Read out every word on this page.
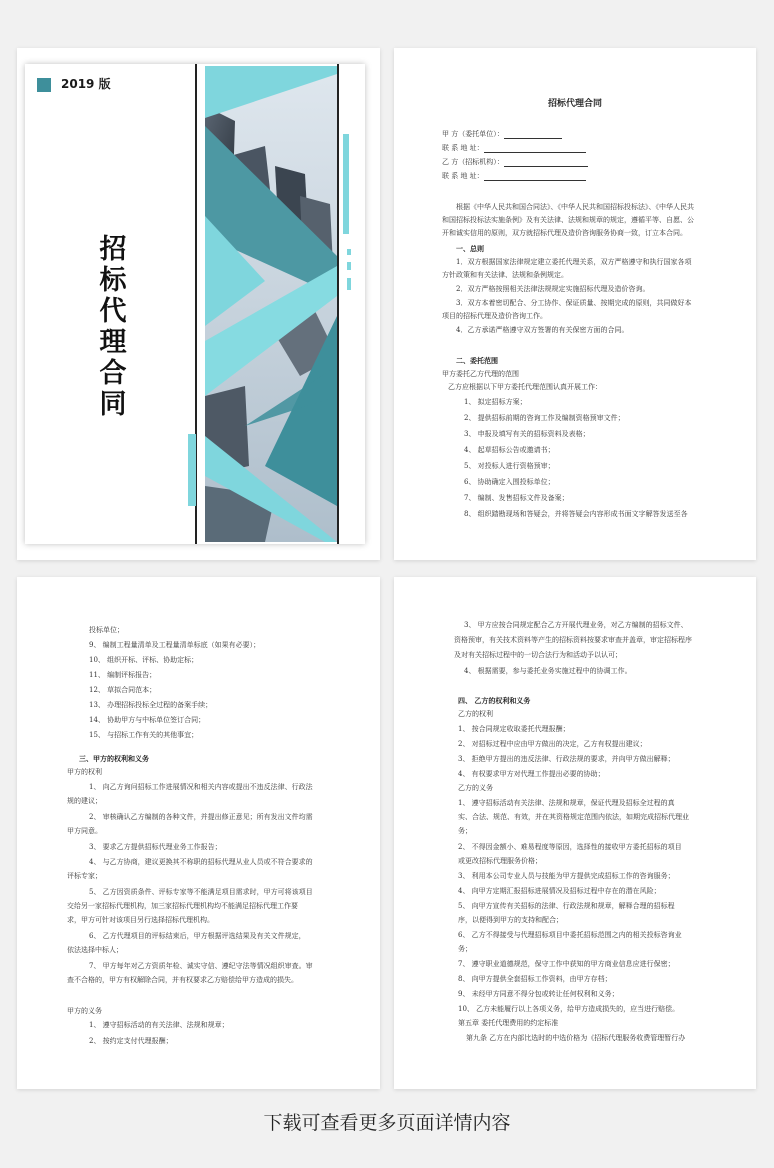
2019 版
招
标
代
理
合
同
招标代理合同
甲 方（委托单位）：
联 系 地 址：
乙 方（招标机构）：
联 系 地 址：
根据《中华人民共和国合同法》、《中华人民共和国招标投标法》、《中华人民共
和国招标投标法实施条例》及有关法律、法规和规章的规定，遵循平等、自愿、公
开和诚实信用的原则，双方就招标代理及造价咨询服务协商一致，订立本合同。
一、总则
1．双方根据国家法律规定建立委托代理关系，双方严格遵守和执行国家各项
方针政策和有关法律、法规和条例规定。
2．双方严格按照相关法律法规规定实施招标代理及造价咨询。
3．双方本着密切配合、分工协作、保证质量、按期完成的原则，共同做好本
项目的招标代理及造价咨询工作。
4．乙方承诺严格遵守双方签署的有关保密方面的合同。
二、委托范围
甲方委托乙方代理的范围
乙方应根据以下甲方委托代理范围认真开展工作：
1、 拟定招标方案；
2、 提供招标前期的咨询工作及编制资格预审文件；
3、 申报及填写有关的招标资料及表格；
4、 起草招标公告或邀请书；
5、 对投标人进行资格预审；
6、 协助确定入围投标单位；
7、 编制、发售招标文件及备案；
8、 组织踏勘现场和答疑会，并将答疑会内容形成书面文字解答发送至各
投标单位；
9、 编制工程量清单及工程量清单标底（如果有必要）；
10、 组织开标、评标、协助定标；
11、 编制评标报告；
12、 草拟合同范本；
13、 办理招标投标全过程的备案手续；
14、 协助甲方与中标单位签订合同；
15、 与招标工作有关的其他事宜；
三、甲方的权利和义务
甲方的权利
1、 向乙方询问招标工作进展情况和相关内容或提出不违反法律、行政法
规的建议；
2、 审核确认乙方编制的各种文件，并提出修正意见；所有发出文件均需
甲方同意。
3、 要求乙方提供招标代理业务工作报告；
4、 与乙方协商，建议更换其不称职的招标代理从业人员或不符合要求的
评标专家；
5、 乙方因资质条件、评标专家等不能满足项目需求时，甲方可将该项目
交给另一家招标代理机构，加三家招标代理机构均不能满足招标代理工作要
求，甲方可针对该项目另行选择招标代理机构。
6、 乙方代理项目的评标结束后，甲方根据评选结果及有关文件规定，
依法选择中标人；
7、 甲方每年对乙方资质年检、诚实守信、遵纪守法等情况组织审查。审
查不合格的，甲方有权解除合同，并有权要求乙方赔偿给甲方造成的损失。
甲方的义务
1、 遵守招标活动的有关法律、法规和规章；
2、 按约定支付代理报酬；
3、 甲方应按合同规定配合乙方开展代理业务，对乙方编制的招标文件、
资格预审，有关技术资料等产生的招标资料按要求审查并盖章，审定招标程序
及对有关招标过程中的一切合法行为和活动予以认可；
4、 根据需要，参与委托业务实施过程中的协调工作。
四、 乙方的权利和义务
乙方的权利
1、 按合同规定收取委托代理报酬；
2、 对招标过程中应由甲方做出的决定，乙方有权提出建议；
3、 拒绝甲方提出的违反法律、行政法规的要求，并向甲方做出解释；
4、 有权要求甲方对代理工作提出必要的协助；
乙方的义务
1、 遵守招标活动有关法律、法规和规章，保证代理及招标全过程的真
实、合法、规范、有效，并在其资格规定范围内依法，如期完成招标代理业
务；
2、 不得因金额小、难易程度等原因，选择性的接收甲方委托招标的项目
或更改招标代理服务价格；
3、 利用本公司专业人员与技能为甲方提供完成招标工作的咨询服务；
4、 向甲方定期汇报招标进展情况及招标过程中存在的潜在风险；
5、 向甲方宣传有关招标的法律、行政法规和规章，解释合理的招标程
序，以便得到甲方的支持和配合；
6、 乙方不得接受与代理招标项目中委托招标范围之内的相关投标咨询业
务；
7、 遵守职业道德规范，保守工作中获知的甲方商业信息应进行保密；
8、 向甲方提供全套招标工作资料，由甲方存档；
9、 未经甲方同意不得分包或转让任何权利和义务；
10、 乙方未能履行以上各项义务，给甲方造成损失的，应当进行赔偿。
第五章 委托代理费用的约定标准
第九条 乙方在内部比选时的中选价格为《招标代理服务收费管理暂行办
下载可查看更多页面详情内容
